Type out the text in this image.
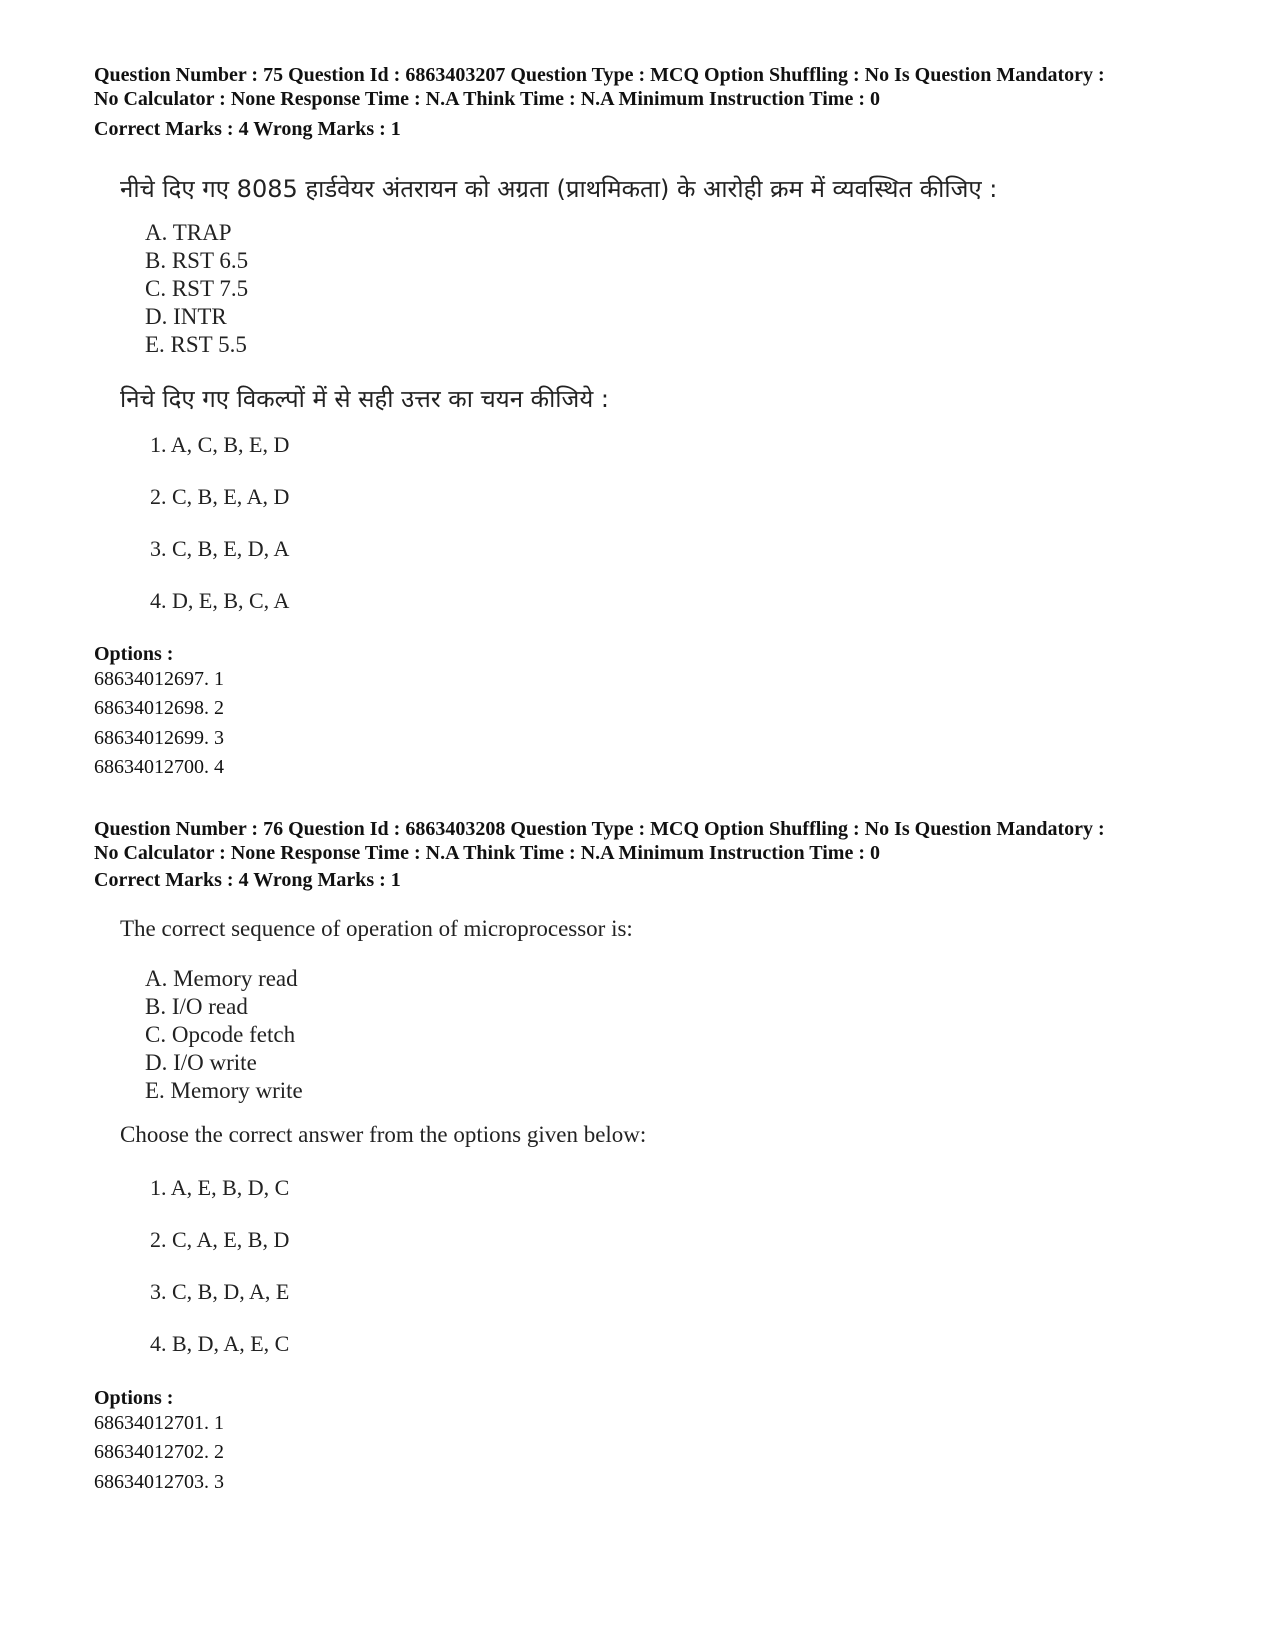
Question Number : 75 Question Id : 6863403207 Question Type : MCQ Option Shuffling : No Is Question Mandatory :
No Calculator : None Response Time : N.A Think Time : N.A Minimum Instruction Time : 0
Correct Marks : 4 Wrong Marks : 1
नीचे दिए गए 8085 हार्डवेयर अंतरायन को अग्रता (प्राथमिकता) के आरोही क्रम में व्यवस्थित कीजिए :
A. TRAP
B. RST 6.5
C. RST 7.5
D. INTR
E. RST 5.5
निचे दिए गए विकल्पों में से सही उत्तर का चयन कीजिये :
1. A, C, B, E, D
2. C, B, E, A, D
3. C, B, E, D, A
4. D, E, B, C, A
Options :
68634012697. 1
68634012698. 2
68634012699. 3
68634012700. 4
Question Number : 76 Question Id : 6863403208 Question Type : MCQ Option Shuffling : No Is Question Mandatory :
No Calculator : None Response Time : N.A Think Time : N.A Minimum Instruction Time : 0
Correct Marks : 4 Wrong Marks : 1
The correct sequence of operation of microprocessor is:
A. Memory read
B. I/O read
C. Opcode fetch
D. I/O write
E. Memory write
Choose the correct answer from the options given below:
1. A, E, B, D, C
2. C, A, E, B, D
3. C, B, D, A, E
4. B, D, A, E, C
Options :
68634012701. 1
68634012702. 2
68634012703. 3
